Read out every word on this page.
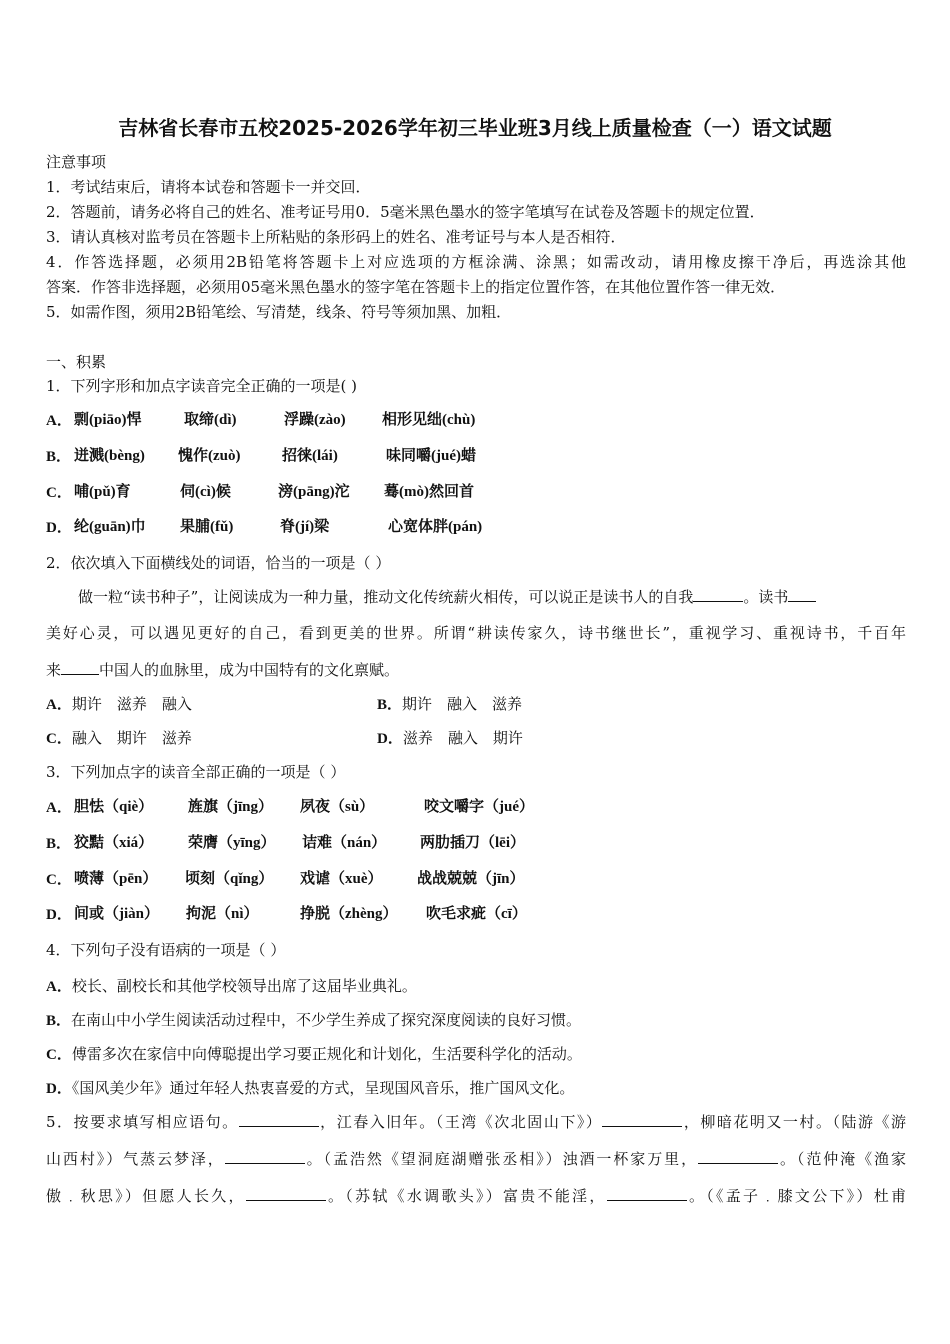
吉林省长春市五校2025-2026学年初三毕业班3月线上质量检查（一）语文试题
注意事项
1．考试结束后，请将本试卷和答题卡一并交回．
2．答题前，请务必将自己的姓名、准考证号用0．5毫米黑色墨水的签字笔填写在试卷及答题卡的规定位置．
3．请认真核对监考员在答题卡上所粘贴的条形码上的姓名、准考证号与本人是否相符．
4．作答选择题，必须用2B铅笔将答题卡上对应选项的方框涂满、涂黑；如需改动，请用橡皮擦干净后，再选涂其他
答案．作答非选择题，必须用05毫米黑色墨水的签字笔在答题卡上的指定位置作答，在其他位置作答一律无效．
5．如需作图，须用2B铅笔绘、写清楚，线条、符号等须加黑、加粗．
一、积累
1．下列字形和加点字读音完全正确的一项是( )
A． 剽(piāo)悍	取缔(dì)	浮躁(zào) 相形见绌(chù)
B． 迸溅(bèng) 愧作(zuò)	招徕(lái)	味同嚼(jué)蜡
C． 哺(pǔ)育	伺(cì)候	滂(pāng)沱 蓦(mò)然回首
D． 纶(guān)巾 果脯(fǔ)	脊(jí)梁	心宽体胖(pán)
2．依次填入下面横线处的词语，恰当的一项是（ ）
做一粒“读书种子”，让阅读成为一种力量，推动文化传统薪火相传，可以说正是读书人的自我	。读书
美好心灵，可以遇见更好的自己，看到更美的世界。所谓“耕读传家久，诗书继世长”，重视学习、重视诗书，千百年
来	中国人的血脉里，成为中国特有的文化禀赋。
A．期许　滋养　融入	B．期许　融入　滋养
C．融入　期许　滋养	D．滋养　融入　期许
3．下列加点字的读音全部正确的一项是（ ）
A． 胆怯（qiè） 旌旗（jīng） 夙夜（sù）	咬文嚼字（jué）
B． 狡黠（xiá） 荣膺（yīng） 诘难（nán） 两肋插刀（lēi）
C． 喷薄（pēn） 顷刻（qǐng） 戏谑（xuè） 战战兢兢（jīn）
D． 间或（jiàn） 拘泥（nì）	挣脱（zhèng） 吹毛求疵（cī）
4．下列句子没有语病的一项是（ ）
A．校长、副校长和其他学校领导出席了这届毕业典礼。
B．在南山中小学生阅读活动过程中，不少学生养成了探究深度阅读的良好习惯。
C．傅雷多次在家信中向傅聪提出学习要正规化和计划化，生活要科学化的活动。
D．《国风美少年》通过年轻人热衷喜爱的方式，呈现国风音乐，推广国风文化。
5．按要求填写相应语句。	，江春入旧年。（王湾《次北固山下》）	，柳暗花明又一村。（陆游《游
山西村》）气蒸云梦泽，	。（孟浩然《望洞庭湖赠张丞相》）浊酒一杯家万里，	。（范仲淹《渔家
傲﹒秋思》）但愿人长久，	。（苏轼《水调歌头》）富贵不能淫，	。（《孟子﹒膝文公下》）杜甫
